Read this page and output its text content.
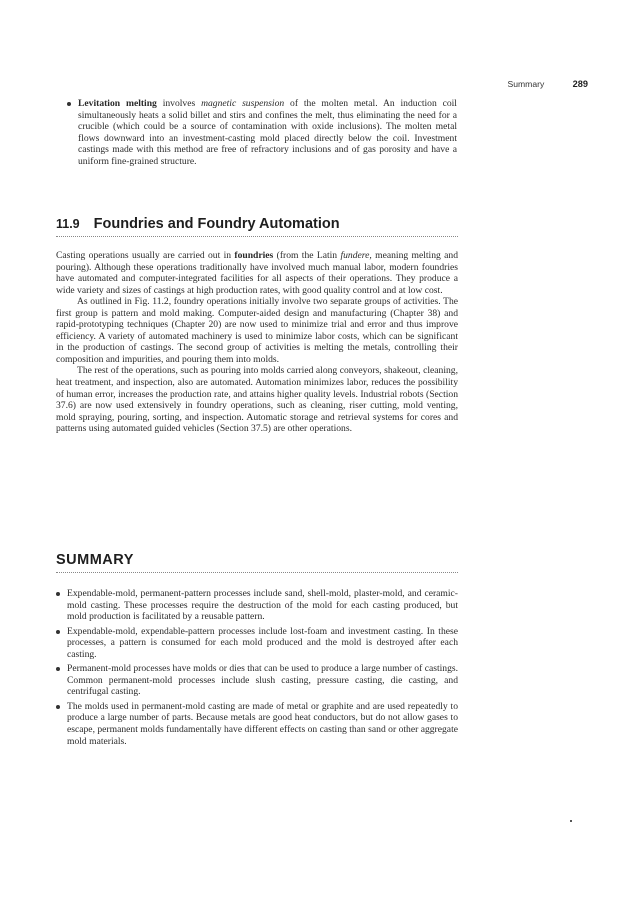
Summary	289
Levitation melting involves magnetic suspension of the molten metal. An induction coil simultaneously heats a solid billet and stirs and confines the melt, thus eliminating the need for a crucible (which could be a source of contamination with oxide inclusions). The molten metal flows downward into an investment-casting mold placed directly below the coil. Investment castings made with this method are free of refractory inclusions and of gas porosity and have a uniform fine-grained structure.
11.9 Foundries and Foundry Automation

Casting operations usually are carried out in foundries (from the Latin fundere, meaning melting and pouring). Although these operations traditionally have involved much manual labor, modern foundries have automated and computer-integrated facilities for all aspects of their operations. They produce a wide variety and sizes of castings at high production rates, with good quality control and at low cost.

As outlined in Fig. 11.2, foundry operations initially involve two separate groups of activities. The first group is pattern and mold making. Computer-aided design and manufacturing (Chapter 38) and rapid-prototyping techniques (Chapter 20) are now used to minimize trial and error and thus improve efficiency. A variety of automated machinery is used to minimize labor costs, which can be significant in the production of castings. The second group of activities is melting the metals, controlling their composition and impurities, and pouring them into molds.

The rest of the operations, such as pouring into molds carried along conveyors, shakeout, cleaning, heat treatment, and inspection, also are automated. Automation minimizes labor, reduces the possibility of human error, increases the production rate, and attains higher quality levels. Industrial robots (Section 37.6) are now used extensively in foundry operations, such as cleaning, riser cutting, mold venting, mold spraying, pouring, sorting, and inspection. Automatic storage and retrieval systems for cores and patterns using automated guided vehicles (Section 37.5) are other operations.

SUMMARY
Expendable-mold, permanent-pattern processes include sand, shell-mold, plaster-mold, and ceramic-mold casting. These processes require the destruction of the mold for each casting produced, but mold production is facilitated by a reusable pattern.
Expendable-mold, expendable-pattern processes include lost-foam and investment casting. In these processes, a pattern is consumed for each mold produced and the mold is destroyed after each casting.
Permanent-mold processes have molds or dies that can be used to produce a large number of castings. Common permanent-mold processes include slush casting, pressure casting, die casting, and centrifugal casting.
The molds used in permanent-mold casting are made of metal or graphite and are used repeatedly to produce a large number of parts. Because metals are good heat conductors, but do not allow gases to escape, permanent molds fundamentally have different effects on casting than sand or other aggregate mold materials.
